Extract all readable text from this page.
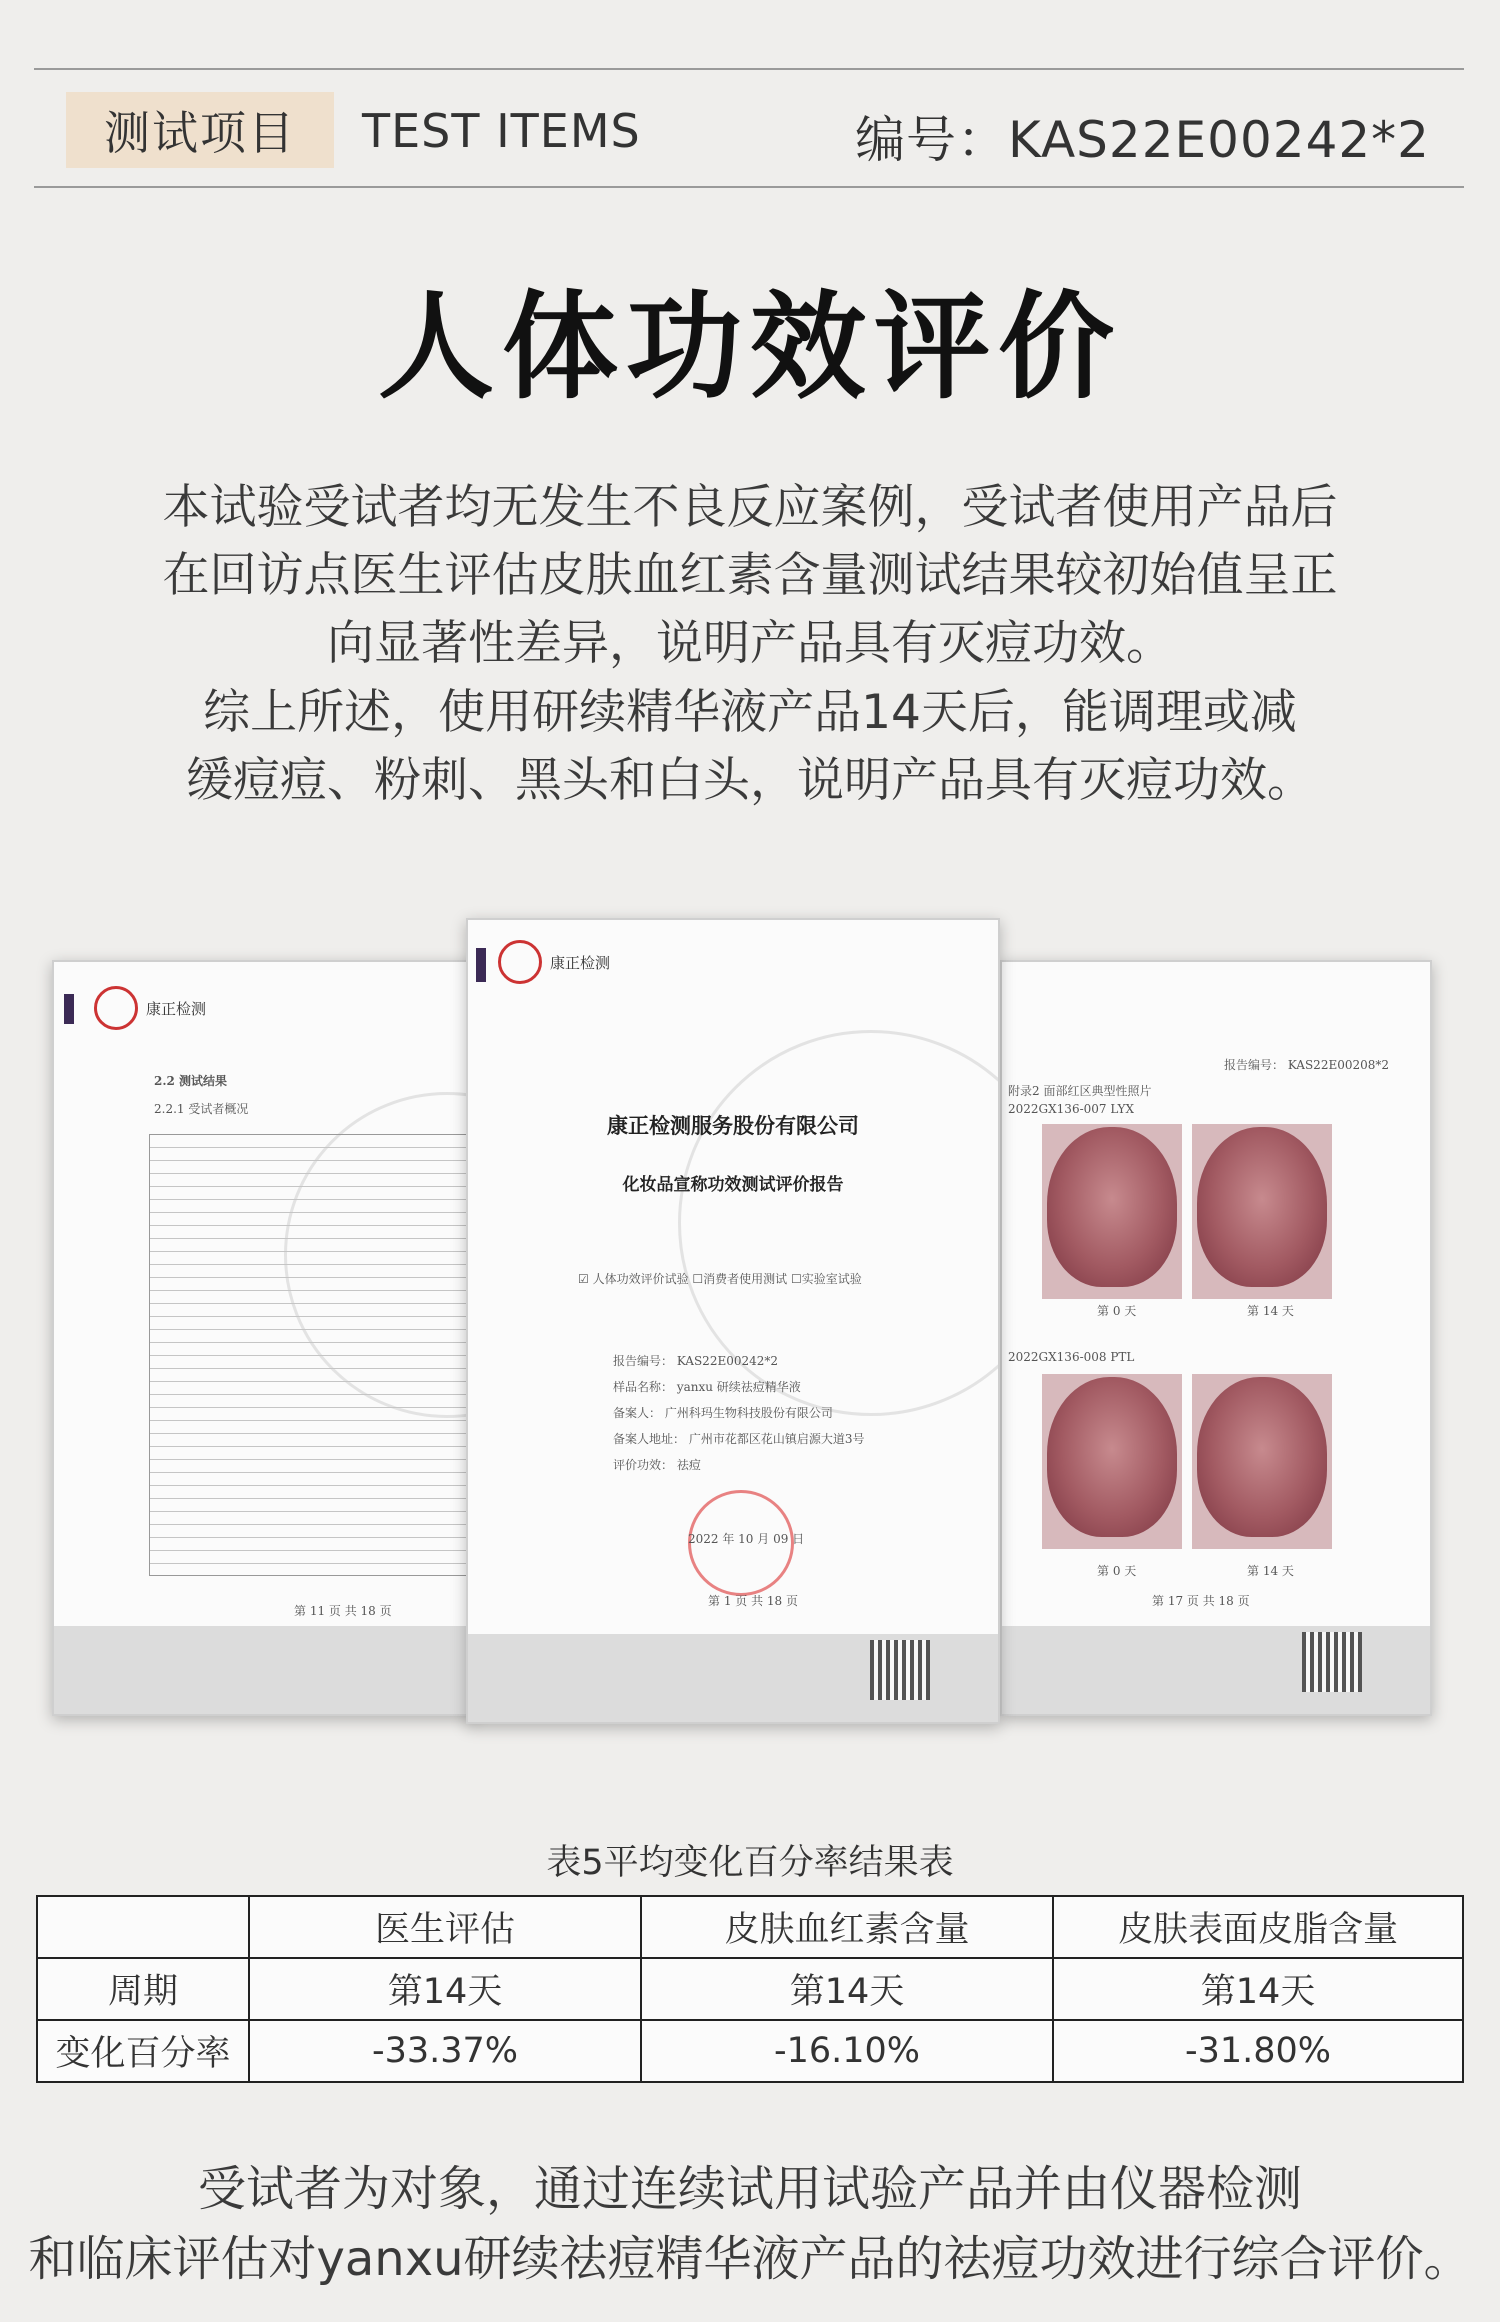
测试项目	TEST ITEMS	编号：KAS22E00242*2
人体功效评价
本试验受试者均无发生不良反应案例，受试者使用产品后
在回访点医生评估皮肤血红素含量测试结果较初始值呈正
向显著性差异，说明产品具有灭痘功效。
综上所述，使用研续精华液产品14天后，能调理或减
缓痘痘、粉刺、黑头和白头，说明产品具有灭痘功效。
康正检测
2.2 测试结果
2.2.1 受试者概况
第 11 页 共 18 页
报告编号： KAS22E00208*2
附录2 面部红区典型性照片
2022GX136-007 LYX
第 0 天	第 14 天
2022GX136-008 PTL
第 0 天	第 14 天
第 17 页 共 18 页
康正检测
康正检测服务股份有限公司
化妆品宣称功效测试评价报告
☑ 人体功效评价试验 ☐消费者使用测试 ☐实验室试验
报告编号： KAS22E00242*2
样品名称： yanxu 研续祛痘精华液
备案人： 广州科玛生物科技股份有限公司
备案人地址： 广州市花都区花山镇启源大道3号
评价功效： 祛痘
2022 年 10 月 09 日
第 1 页 共 18 页
表5平均变化百分率结果表
	医生评估	皮肤血红素含量	皮肤表面皮脂含量
周期	第14天	第14天	第14天
变化百分率	-33.37%	-16.10%	-31.80%
受试者为对象，通过连续试用试验产品并由仪器检测
和临床评估对yanxu研续祛痘精华液产品的祛痘功效进行综合评价。
